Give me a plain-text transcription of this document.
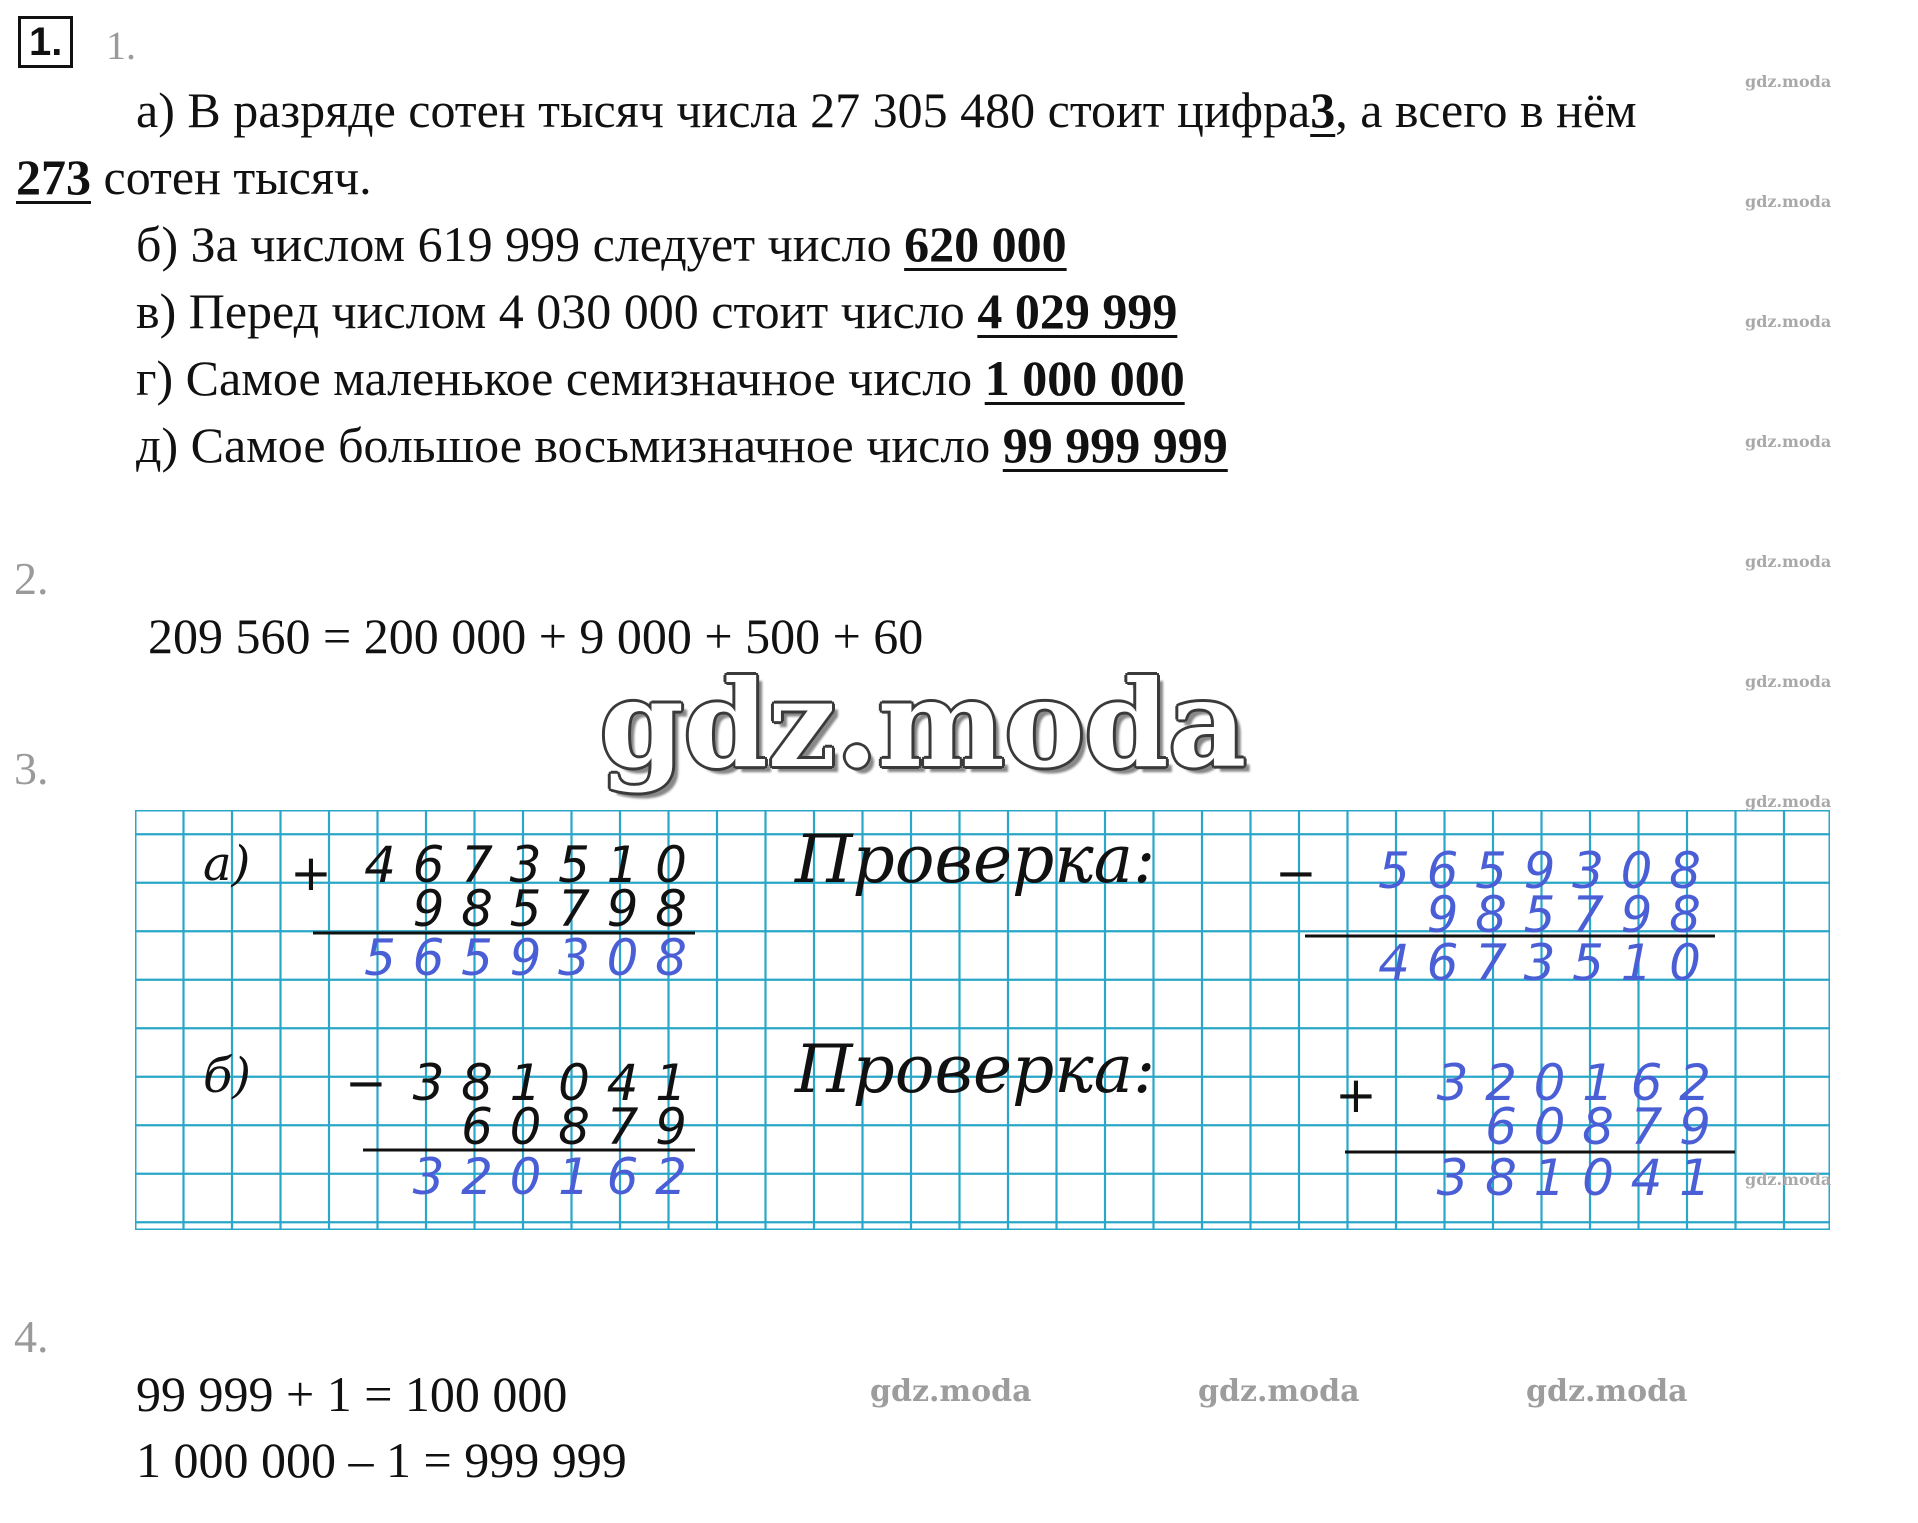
1. 1.
а) В разряде сотен тысяч числа 27 305 480 стоит цифра3, а всего в нём
273 сотен тысяч.
б) За числом 619 999 следует число 620 000
в) Перед числом 4 030 000 стоит число 4 029 999
г) Самое маленькое семизначное число 1 000 000
д) Самое большое восьмизначное число 99 999 999
2.
209 560 = 200 000 + 9 000 + 500 + 60
gdz.moda
3.
а) + 4 6 7 3 5 1 0
9 8 5 7 9 8
5 6 5 9 3 0 8
Проверка: − 5 6 5 9 3 0 8
9 8 5 7 9 8
4 6 7 3 5 1 0
б) − 3 8 1 0 4 1
6 0 8 7 9
3 2 0 1 6 2
Проверка:	+ 3 2 0 1 6 2
6 0 8 7 9
3 8 1 0 4 1
4.
99 999 + 1 = 100 000
1 000 000 – 1 = 999 999
gdz.moda
gdz.moda
gdz.moda
gdz.moda
gdz.moda
gdz.moda
gdz.moda
gdz.moda
gdz.moda	gdz.moda	gdz.moda
